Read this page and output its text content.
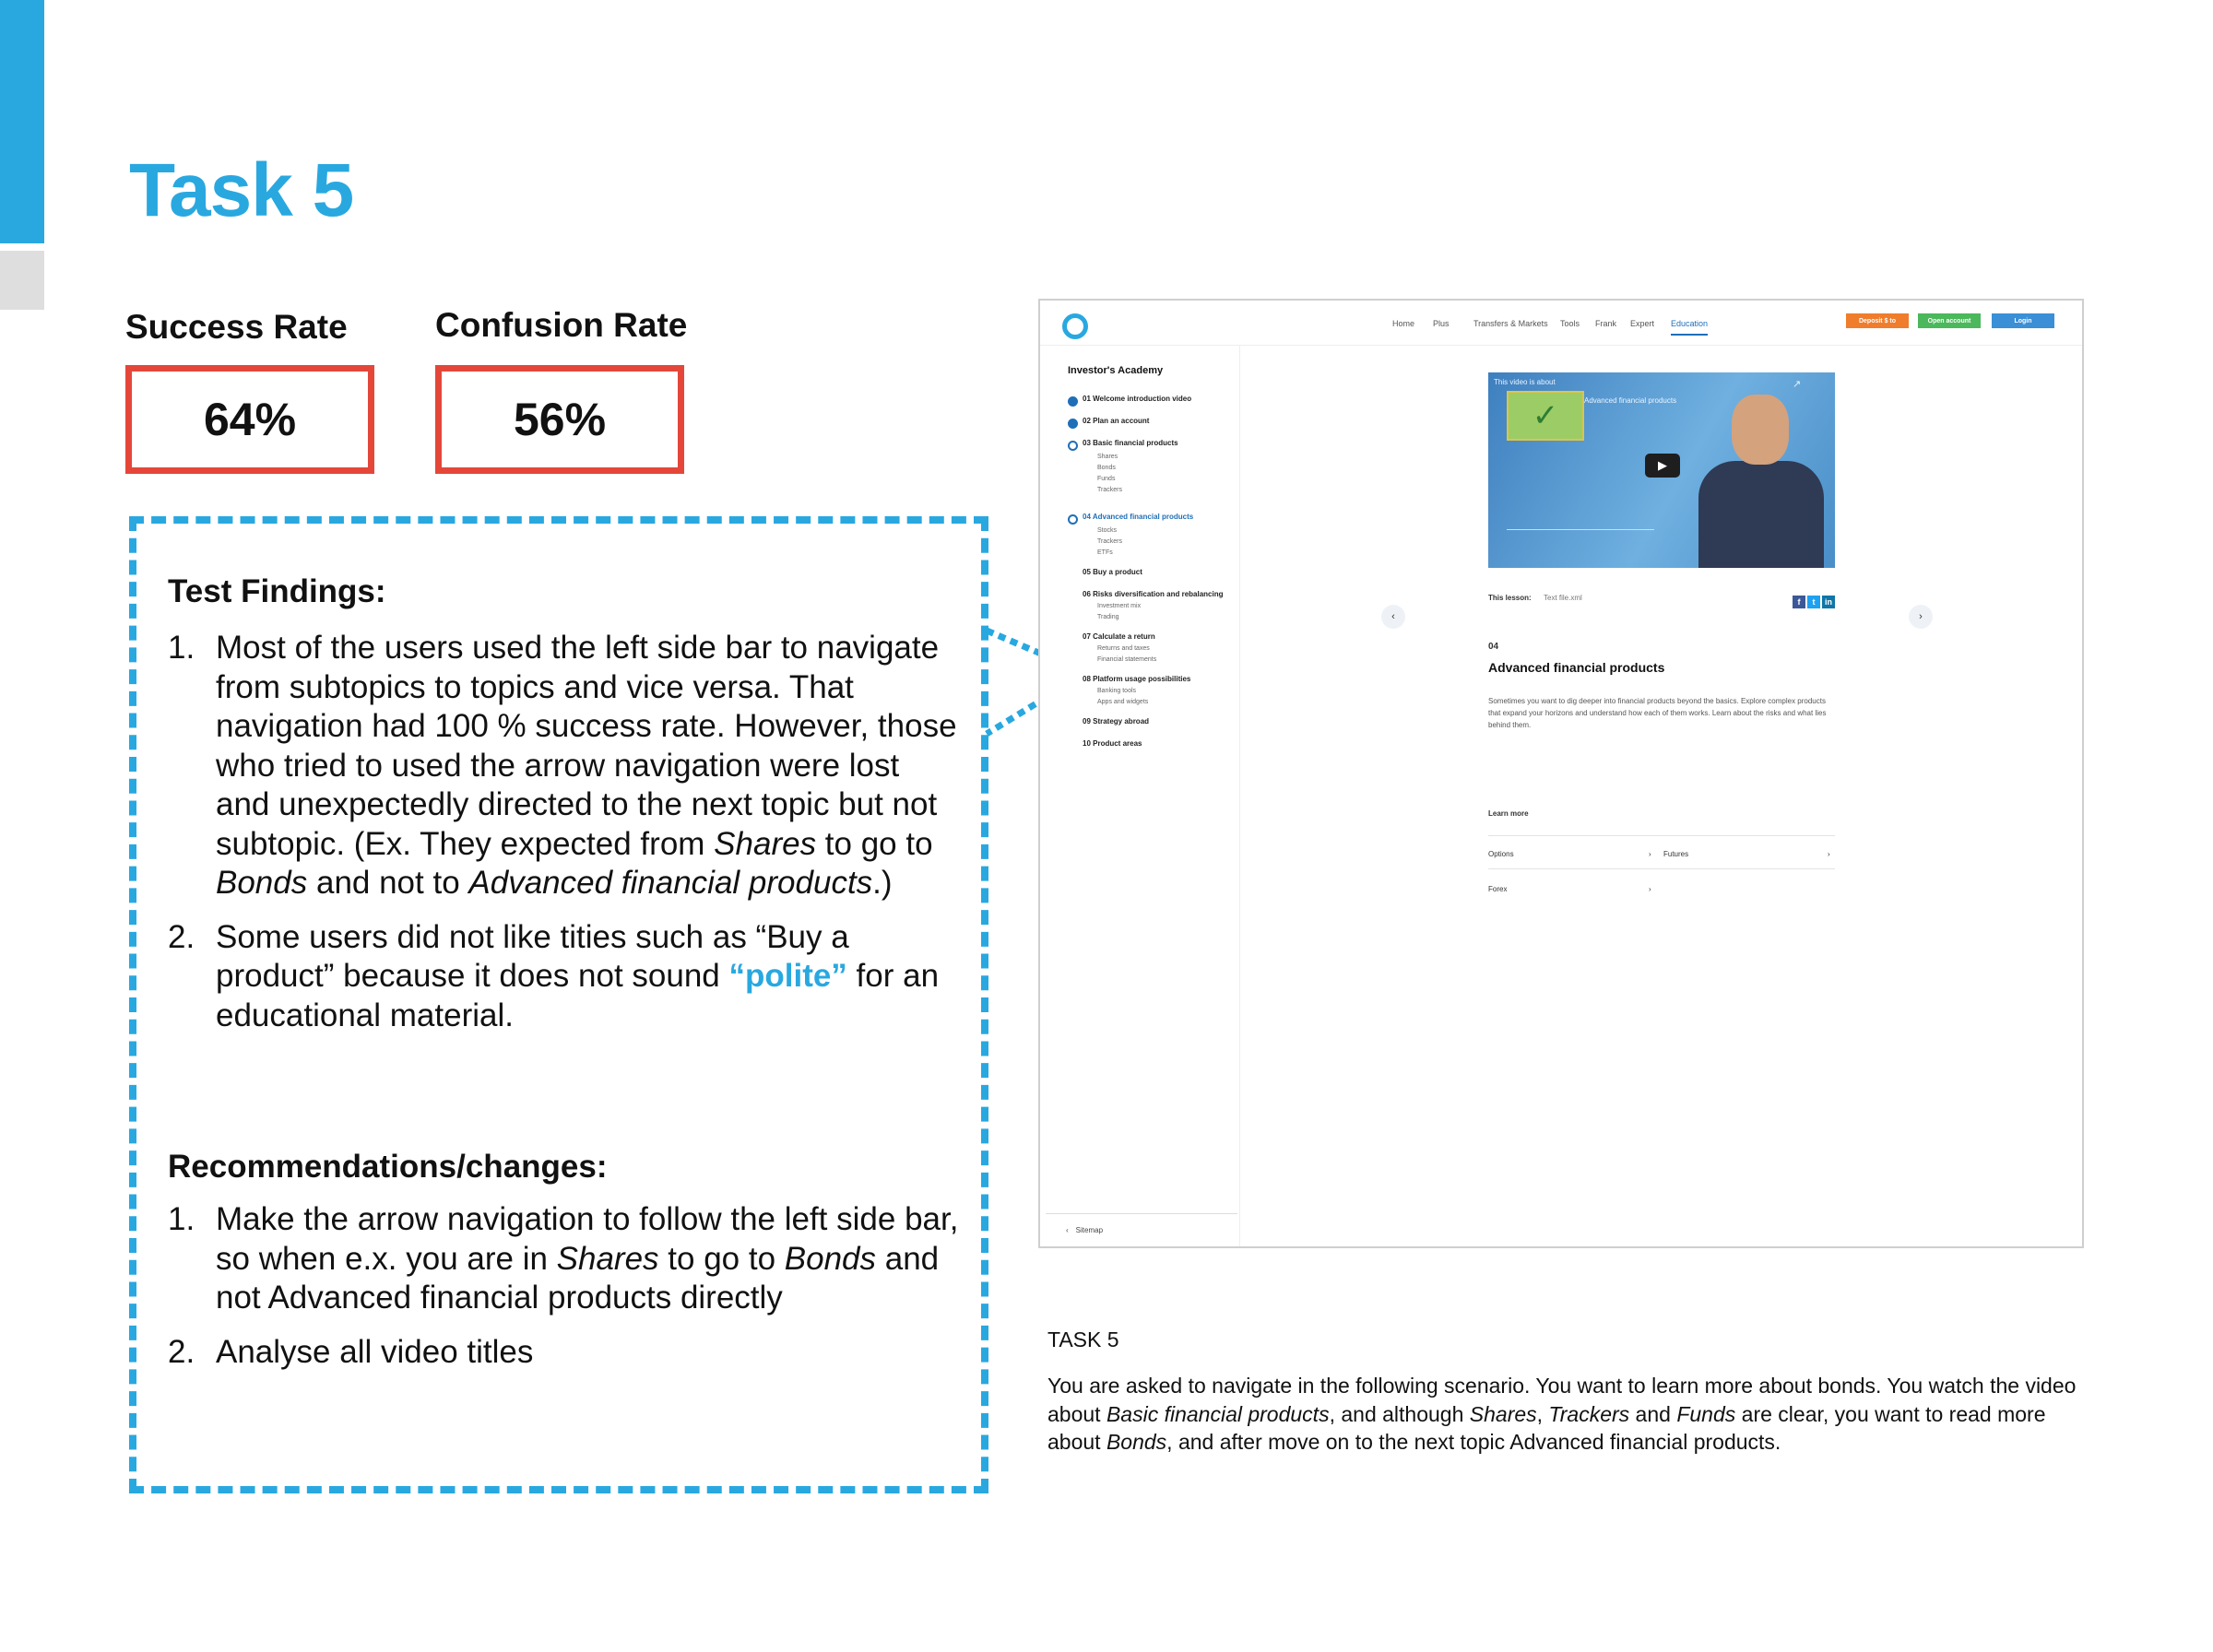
Task 5
Success Rate
64%
Confusion Rate
56%
Test Findings:
1. Most of the users used the left side bar to navigate from subtopics to topics and vice versa. That navigation had 100 % success rate. However, those who tried to used the arrow navigation were lost and unexpectedly directed to the next topic but not subtopic. (Ex. They expected from Shares to go to Bonds and not to Advanced financial products.)
2. Some users did not like tities such as “Buy a product” because it does not sound “polite” for an educational material.
Recommendations/changes:
1. Make the arrow navigation to follow the left side bar, so when e.x. you are in Shares to go to Bonds and not Advanced financial products directly
2. Analyse all video titles
Home Plus	Transfers & Markets Tools Frank Expert Education	Deposit $ to	Open account	Login
Investor's Academy
01 Welcome introduction video
02 Plan an account
03 Basic financial products
Shares
Bonds
Funds
Trackers
04 Advanced financial products
Stocks
Trackers
ETFs
05 Buy a product
06 Risks diversification and rebalancing
Investment mix
Trading
07 Calculate a return
Returns and taxes
Financial statements
08 Platform usage possibilities
Banking tools
Apps and widgets
09 Strategy abroad
10 Product areas
‹ Sitemap
✓
This video is about
Advanced financial products
▶
↗
‹	›
This lesson: Text file.xml	f	t	in
04
Advanced financial products
Sometimes you want to dig deeper into financial products beyond the basics. Explore complex products that expand your horizons and understand how each of them works. Learn about the risks and what lies behind them.
Learn more
Options	› Futures	›
Forex	›
TASK 5
You are asked to navigate in the following scenario. You want to learn more about bonds. You watch the video about Basic financial products, and although Shares, Trackers and Funds are clear, you want to read more about Bonds, and after move on to the next topic Advanced financial products.
